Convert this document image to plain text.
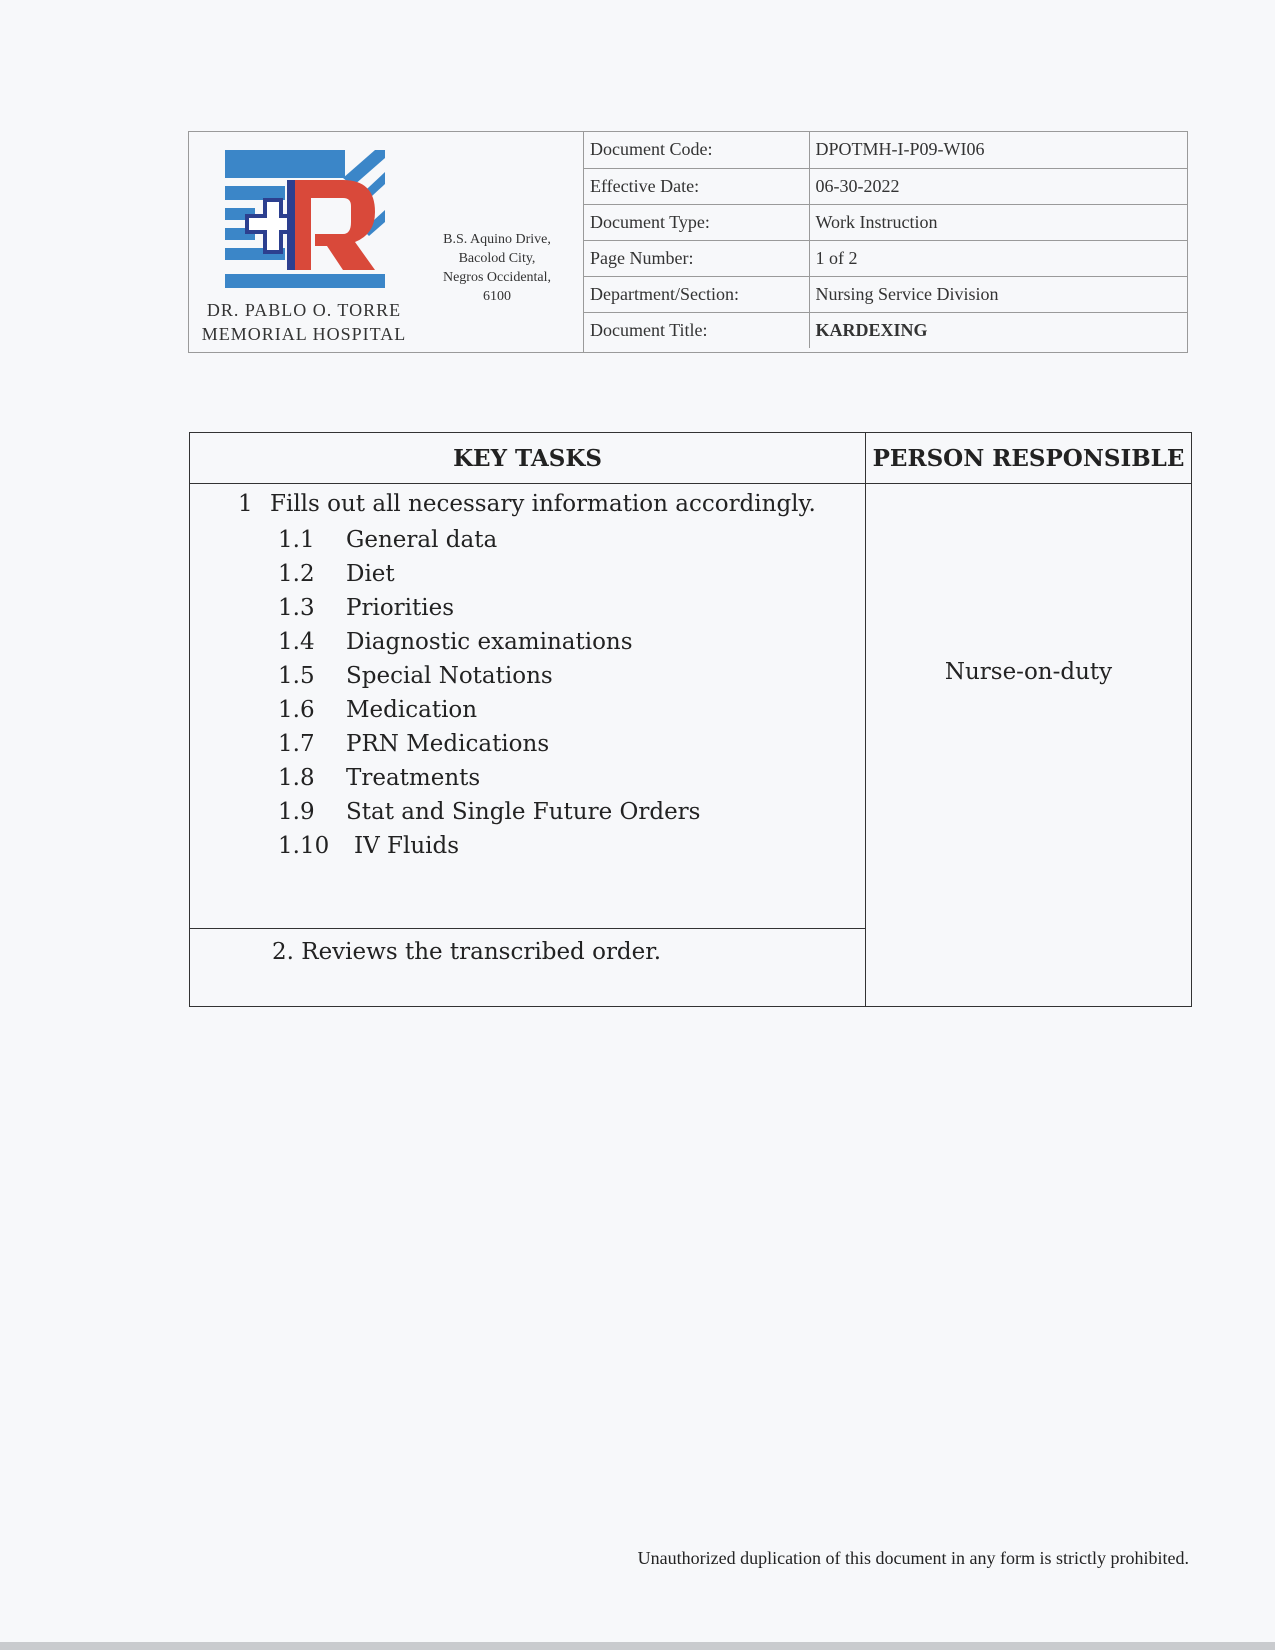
DR. PABLO O. TORRE
MEMORIAL HOSPITAL
B.S. Aquino Drive,
Bacolod City,
Negros Occidental,
6100
Document Code:	DPOTMH-I-P09-WI06
Effective Date:	06-30-2022
Document Type:	Work Instruction
Page Number:	1 of 2
Department/Section:	Nursing Service Division
Document Title:	KARDEXING
KEY TASKS	PERSON RESPONSIBLE
1 Fills out all necessary information accordingly.
1.1 General data
1.2 Diet
1.3 Priorities
1.4 Diagnostic examinations
1.5 Special Notations
1.6 Medication
1.7 PRN Medications
1.8 Treatments
1.9 Stat and Single Future Orders
1.10 IV Fluids
2. Reviews the transcribed order.
Nurse-on-duty
Unauthorized duplication of this document in any form is strictly prohibited.
